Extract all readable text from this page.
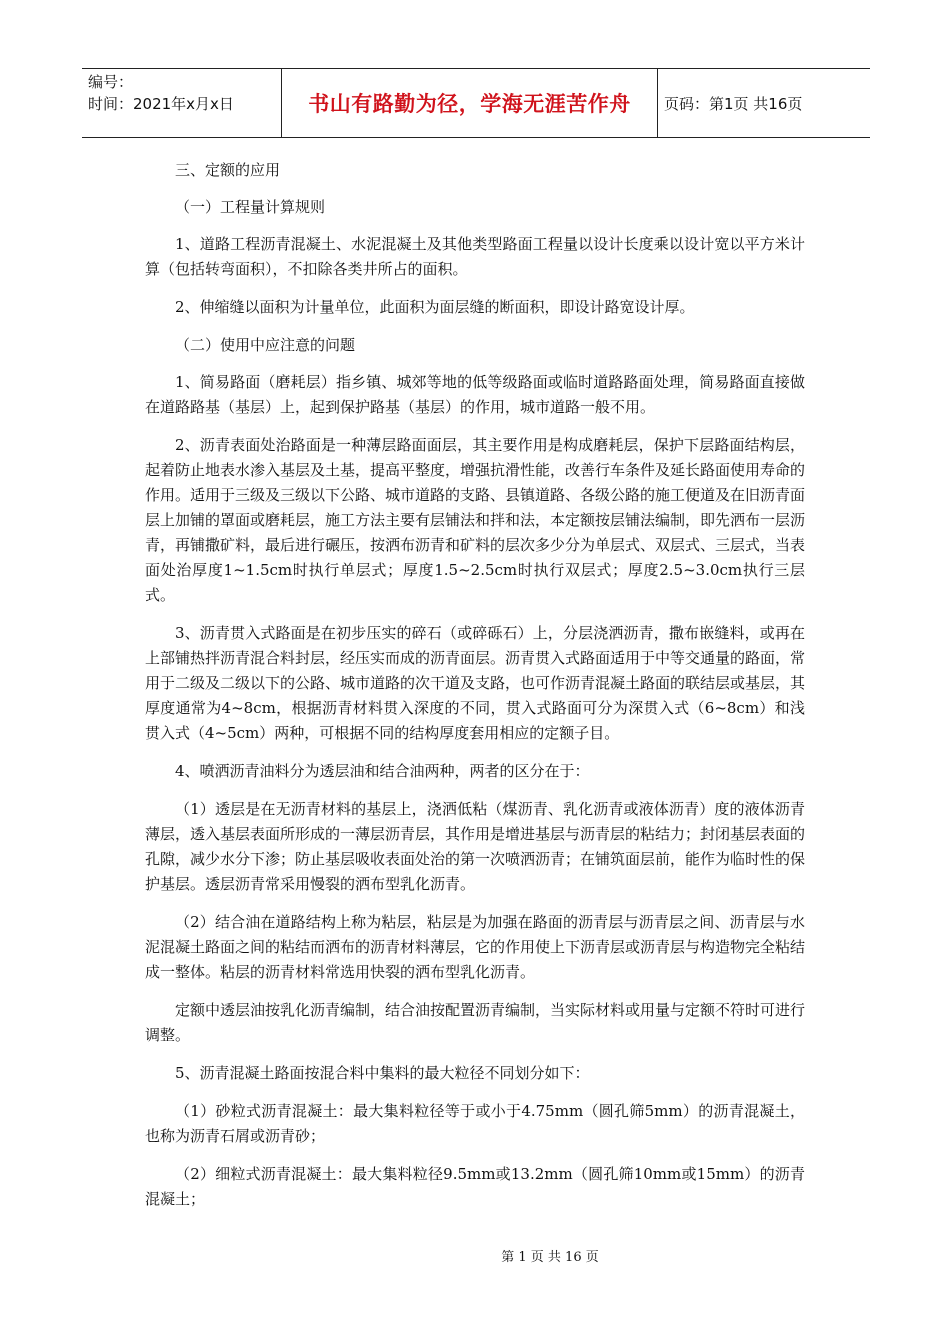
编号：
时间：2021年x月x日	书山有路勤为径，学海无涯苦作舟	页码：第1页 共16页

三、定额的应用

（一）工程量计算规则

1、道路工程沥青混凝土、水泥混凝土及其他类型路面工程量以设计长度乘以设计宽以平方米计算（包括转弯面积），不扣除各类井所占的面积。

2、伸缩缝以面积为计量单位，此面积为面层缝的断面积，即设计路宽设计厚。

（二）使用中应注意的问题

1、简易路面（磨耗层）指乡镇、城郊等地的低等级路面或临时道路路面处理，简易路面直接做在道路路基（基层）上，起到保护路基（基层）的作用，城市道路一般不用。

2、沥青表面处治路面是一种薄层路面面层，其主要作用是构成磨耗层，保护下层路面结构层，起着防止地表水渗入基层及土基，提高平整度，增强抗滑性能，改善行车条件及延长路面使用寿命的作用。适用于三级及三级以下公路、城市道路的支路、县镇道路、各级公路的施工便道及在旧沥青面层上加铺的罩面或磨耗层，施工方法主要有层铺法和拌和法，本定额按层铺法编制，即先洒布一层沥青，再铺撒矿料，最后进行碾压，按洒布沥青和矿料的层次多少分为单层式、双层式、三层式，当表面处治厚度1~1.5cm时执行单层式；厚度1.5~2.5cm时执行双层式；厚度2.5~3.0cm执行三层式。

3、沥青贯入式路面是在初步压实的碎石（或碎砾石）上，分层浇洒沥青，撒布嵌缝料，或再在上部铺热拌沥青混合料封层，经压实而成的沥青面层。沥青贯入式路面适用于中等交通量的路面，常用于二级及二级以下的公路、城市道路的次干道及支路，也可作沥青混凝土路面的联结层或基层，其厚度通常为4~8cm，根据沥青材料贯入深度的不同，贯入式路面可分为深贯入式（6~8cm）和浅贯入式（4~5cm）两种，可根据不同的结构厚度套用相应的定额子目。

4、喷洒沥青油料分为透层油和结合油两种，两者的区分在于：

（1）透层是在无沥青材料的基层上，浇洒低粘（煤沥青、乳化沥青或液体沥青）度的液体沥青薄层，透入基层表面所形成的一薄层沥青层，其作用是增进基层与沥青层的粘结力；封闭基层表面的孔隙，减少水分下渗；防止基层吸收表面处治的第一次喷洒沥青；在铺筑面层前，能作为临时性的保护基层。透层沥青常采用慢裂的洒布型乳化沥青。

（2）结合油在道路结构上称为粘层，粘层是为加强在路面的沥青层与沥青层之间、沥青层与水泥混凝土路面之间的粘结而洒布的沥青材料薄层，它的作用使上下沥青层或沥青层与构造物完全粘结成一整体。粘层的沥青材料常选用快裂的洒布型乳化沥青。

定额中透层油按乳化沥青编制，结合油按配置沥青编制，当实际材料或用量与定额不符时可进行调整。

5、沥青混凝土路面按混合料中集料的最大粒径不同划分如下：

（1）砂粒式沥青混凝土：最大集料粒径等于或小于4.75mm（圆孔筛5mm）的沥青混凝土，也称为沥青石屑或沥青砂；

（2）细粒式沥青混凝土：最大集料粒径9.5mm或13.2mm（圆孔筛10mm或15mm）的沥青混凝土；

第 1 页 共 16 页
